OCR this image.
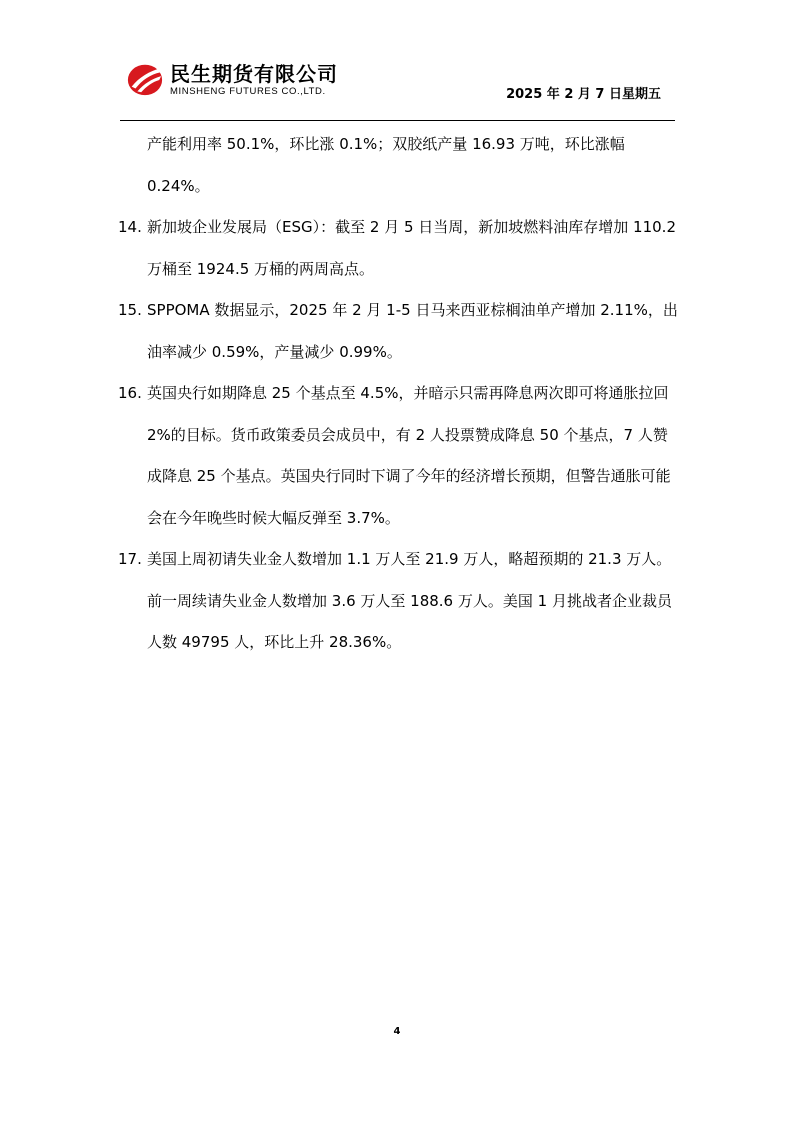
民生期货有限公司
MINSHENG FUTURES CO.,LTD.	2025 年 2 月 7 日星期五
产能利用率 50.1%，环比涨 0.1%；双胶纸产量 16.93 万吨，环比涨幅 0.24%。
14. 新加坡企业发展局（ESG）：截至 2 月 5 日当周，新加坡燃料油库存增加 110.2 万桶至 1924.5 万桶的两周高点。
15. SPPOMA 数据显示，2025 年 2 月 1-5 日马来西亚棕榈油单产增加 2.11%，出油率减少 0.59%，产量减少 0.99%。
16. 英国央行如期降息 25 个基点至 4.5%，并暗示只需再降息两次即可将通胀拉回 2%的目标。货币政策委员会成员中，有 2 人投票赞成降息 50 个基点，7 人赞成降息 25 个基点。英国央行同时下调了今年的经济增长预期，但警告通胀可能会在今年晚些时候大幅反弹至 3.7%。
17. 美国上周初请失业金人数增加 1.1 万人至 21.9 万人，略超预期的 21.3 万人。前一周续请失业金人数增加 3.6 万人至 188.6 万人。美国 1 月挑战者企业裁员人数 49795 人，环比上升 28.36%。
4
